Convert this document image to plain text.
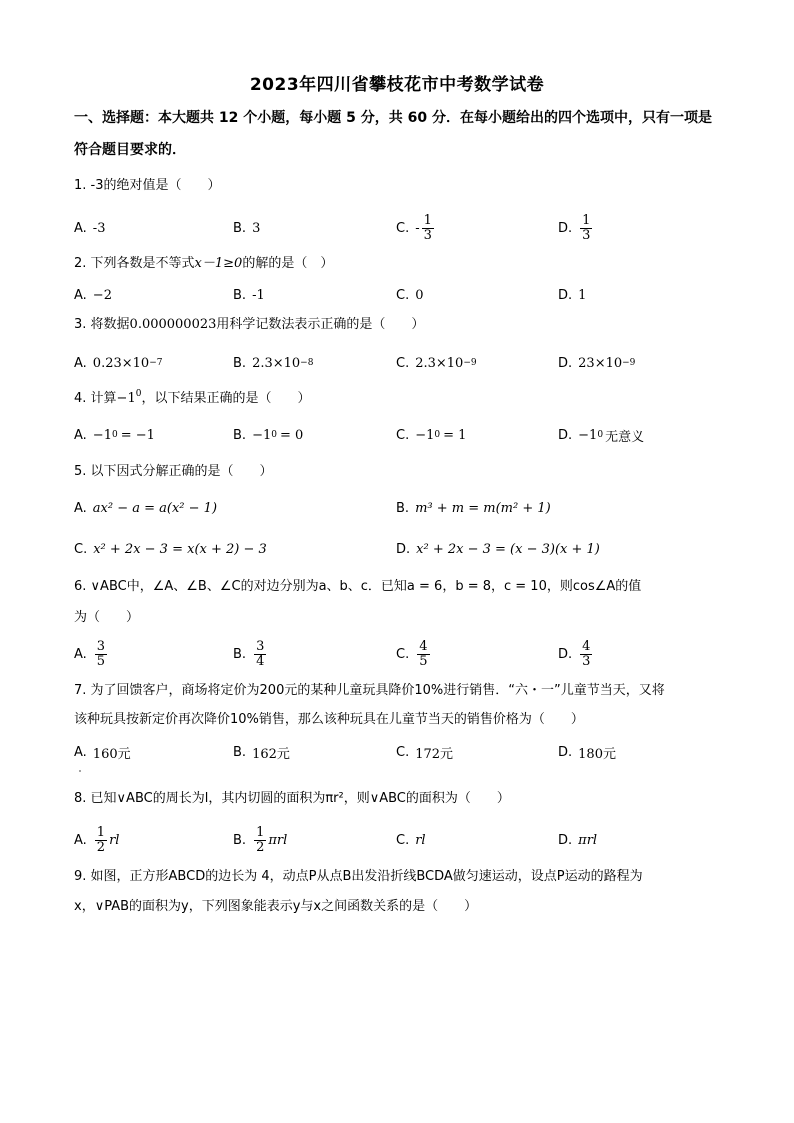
2023年四川省攀枝花市中考数学试卷
一、选择题：本大题共 12 个小题，每小题 5 分，共 60 分．在每小题给出的四个选项中，只有一项是符合题目要求的．
1. -3的绝对值是（　　）
A. -3	B. 3	C. - $\frac{1}{3}$	D. $\frac{1}{3}$
2. 下列各数是不等式x－1≥0的解的是（　）
A. −2	B. -1	C. 0	D. 1
3. 将数据0.000000023用科学记数法表示正确的是（　　）
A. 0.23×10 −7	B. 2.3×10 −8	C. 2.3×10 −9	D. 23×10 −9
4. 计算$-1^0$，以下结果正确的是（　　）
A. −1 0 = −1	B. −1 0 = 0	C. −1 0 = 1	D. −1 0 无意义
5. 以下因式分解正确的是（　　）
A. ax² − a = a(x² − 1)	B. m³ + m = m(m² + 1)
C. x² + 2x − 3 = x(x + 2) − 3	D. x² + 2x − 3 = (x − 3)(x + 1)
6. ∨ABC中，∠A、∠B、∠C的对边分别为a、b、c．已知a = 6，b = 8，c = 10，则cos∠A的值
为（　　）
A. $\frac{3}{5}$	B. $\frac{3}{4}$	C. $\frac{4}{5}$	D. $\frac{4}{3}$
7. 为了回馈客户，商场将定价为200元的某种儿童玩具降价10%进行销售．“六・一”儿童节当天，又将
该种玩具按新定价再次降价10%销售，那么该种玩具在儿童节当天的销售价格为（　　）
A. 160元	B. 162元	C. 172元	D. 180元
8. 已知∨ABC的周长为l，其内切圆的面积为πr²，则∨ABC的面积为（　　）
A. $\frac{1}{2}$ rl	B. $\frac{1}{2}$ πrl	C. rl	D. πrl
9. 如图，正方形ABCD的边长为 4，动点P从点B出发沿折线BCDA做匀速运动，设点P运动的路程为
x，∨PAB的面积为y，下列图象能表示y与x之间函数关系的是（　　）
